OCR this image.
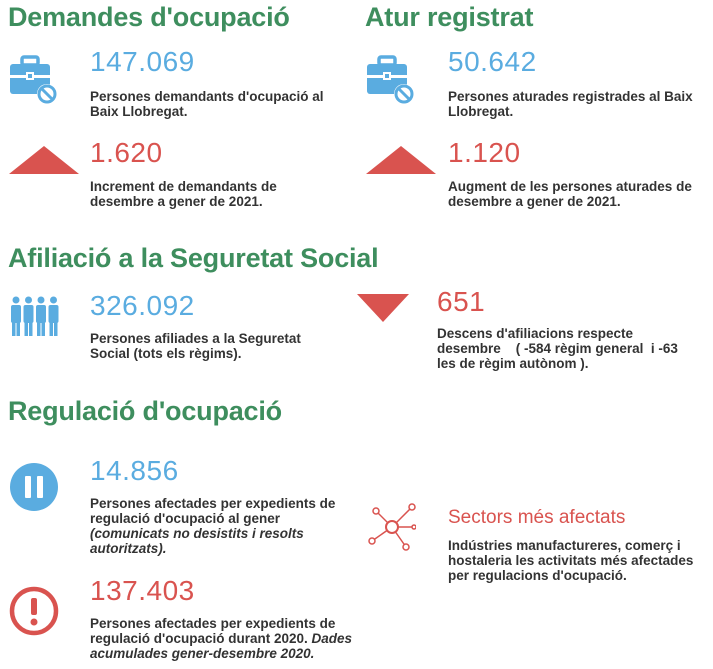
Demandes d'ocupació
147.069
Persones demandants d'ocupació al Baix Llobregat.
1.620
Increment de demandants de desembre a gener de 2021.
Atur registrat
50.642
Persones aturades registrades al Baix Llobregat.
1.120
Augment de les persones aturades de desembre a gener de 2021.
Afiliació a la Seguretat Social
326.092
Persones afiliades a la Seguretat Social (tots els règims).
651
Descens d'afiliacions respecte desembre    ( -584 règim general  i -63 les de règim autònom ).
Regulació d'ocupació
14.856
Persones afectades per expedients de regulació d'ocupació al gener (comunicats no desistits i resolts autoritzats).
137.403
Persones afectades per expedients de regulació d'ocupació durant 2020. Dades acumulades gener-desembre 2020.
Sectors més afectats
Indústries manufactureres, comerç i hostaleria les activitats més afectades per regulacions d'ocupació.
